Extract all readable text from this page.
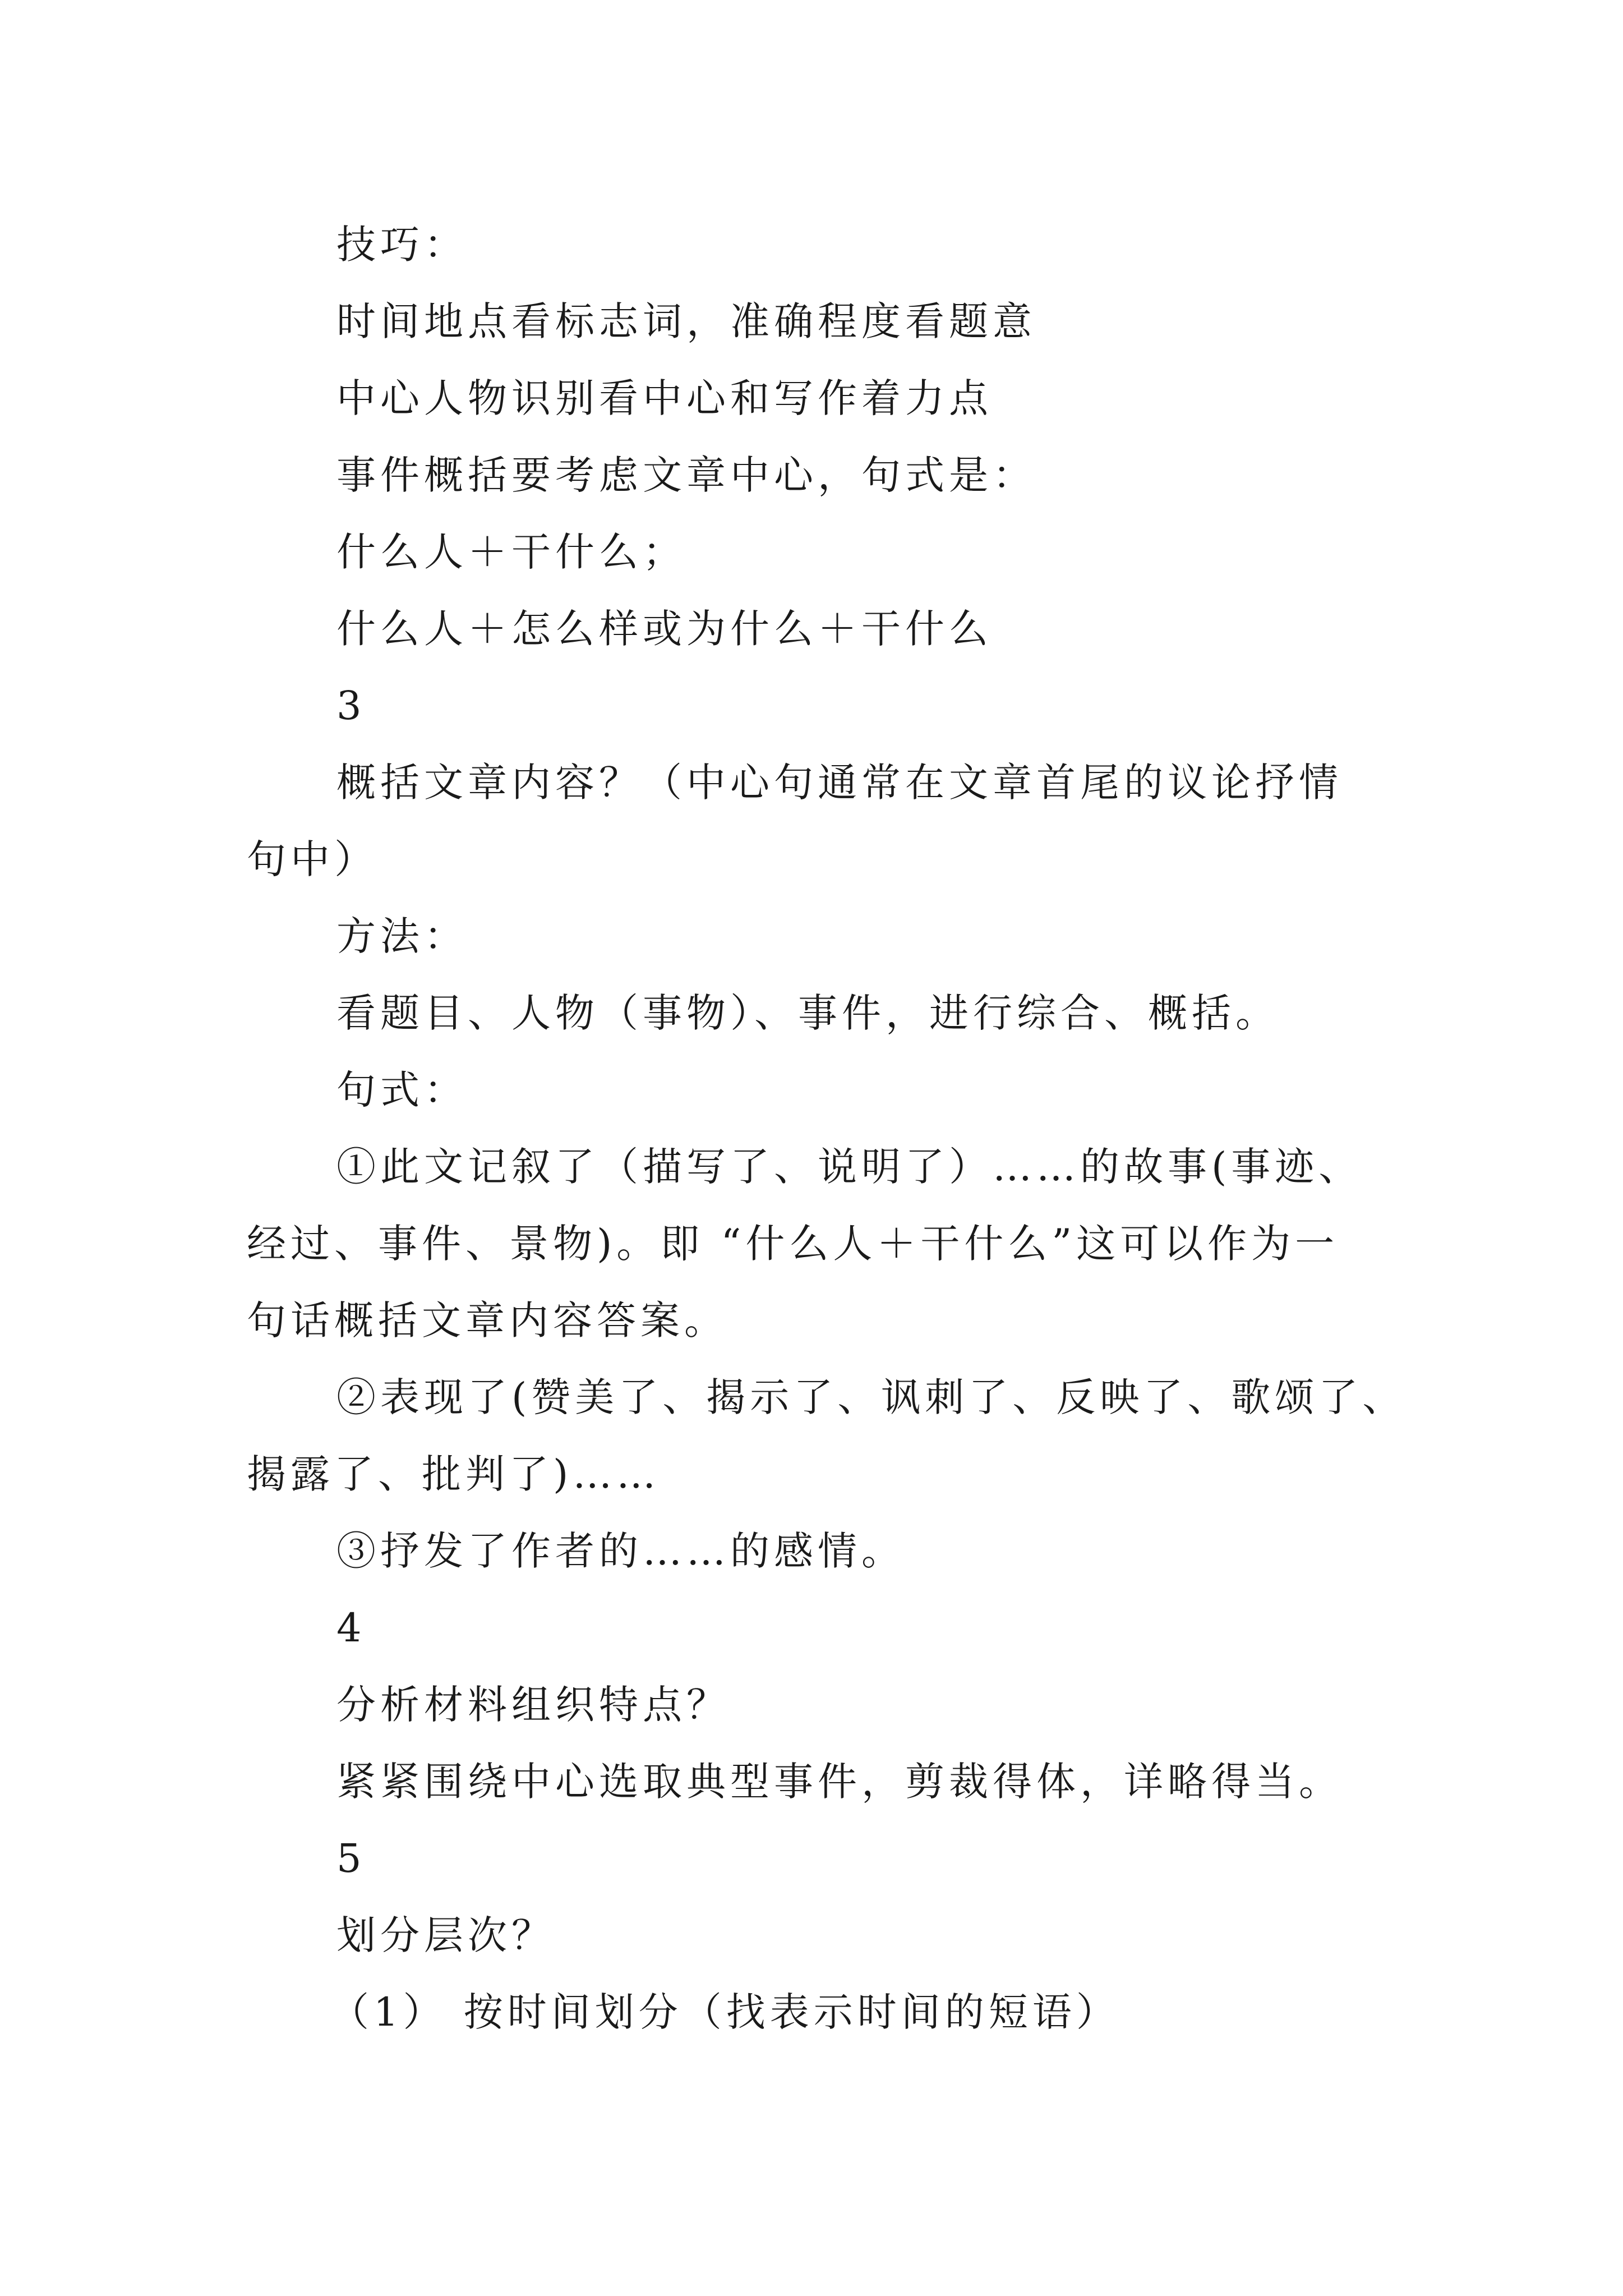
技巧：
时间地点看标志词，准确程度看题意
中心人物识别看中心和写作着力点
事件概括要考虑文章中心，句式是：
什么人＋干什么；
什么人＋怎么样或为什么＋干什么
3
概括文章内容？（中心句通常在文章首尾的议论抒情
句中）
方法：
看题目、人物（事物）、事件，进行综合、概括。
句式：
①此文记叙了（描写了、说明了）……的故事(事迹、
经过、事件、景物)。即 “什么人＋干什么”这可以作为一
句话概括文章内容答案。
②表现了(赞美了、揭示了、讽刺了、反映了、歌颂了、
揭露了、批判了)……
③抒发了作者的……的感情。
4
分析材料组织特点？
紧紧围绕中心选取典型事件，剪裁得体，详略得当。
5
划分层次？
（1） 按时间划分（找表示时间的短语）
